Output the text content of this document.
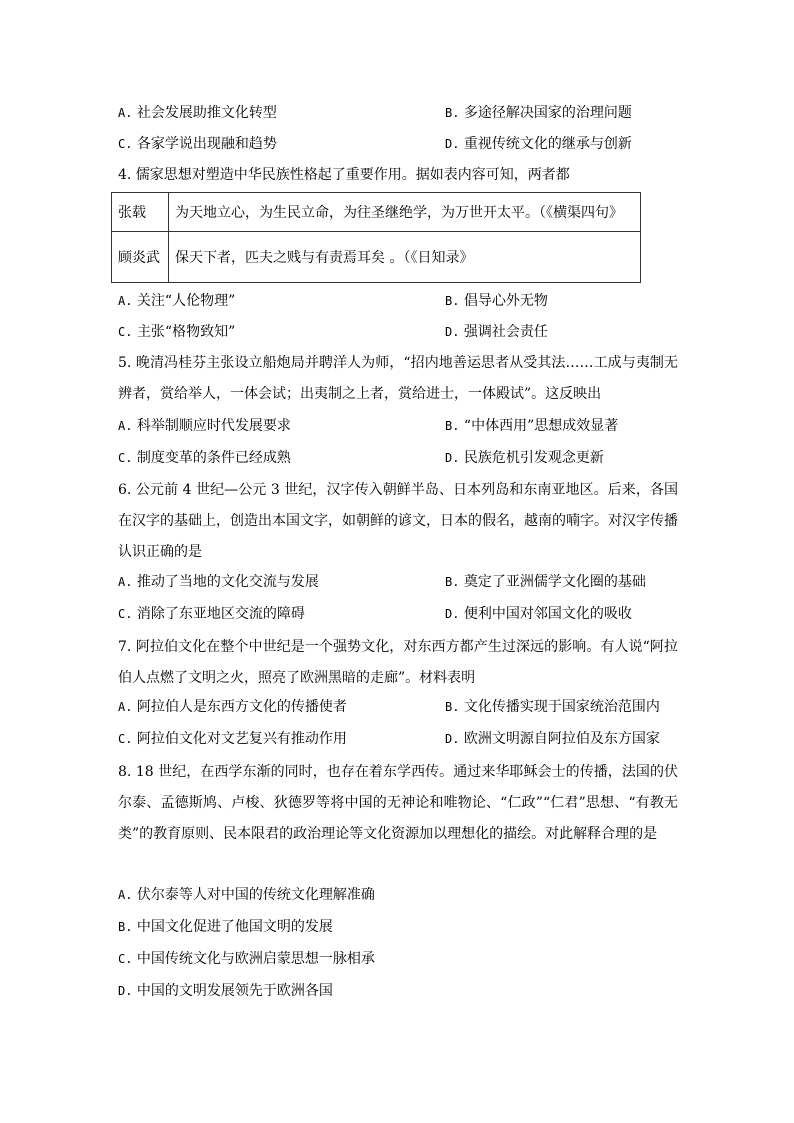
A. 社会发展助推文化转型	B. 多途径解决国家的治理问题
C. 各家学说出现融和趋势	D. 重视传统文化的继承与创新
4. 儒家思想对塑造中华民族性格起了重要作用。据如表内容可知，两者都
张载	为天地立心，为生民立命，为往圣继绝学，为万世开太平。（《横渠四句》
顾炎武	保天下者，匹夫之贱与有责焉耳矣 。（《日知录》
A. 关注“人伦物理”	B. 倡导心外无物
C. 主张“格物致知”	D. 强调社会责任
5. 晚清冯桂芬主张设立船炮局并聘洋人为师，“招内地善运思者从受其法……工成与夷制无辨者，赏给举人，一体会试；出夷制之上者，赏给进士，一体殿试”。这反映出
A. 科举制顺应时代发展要求	B. “中体西用”思想成效显著
C. 制度变革的条件已经成熟	D. 民族危机引发观念更新
6. 公元前 4 世纪—公元 3 世纪，汉字传入朝鲜半岛、日本列岛和东南亚地区。后来，各国在汉字的基础上，创造出本国文字，如朝鲜的谚文，日本的假名，越南的喃字。对汉字传播认识正确的是
A. 推动了当地的文化交流与发展	B. 奠定了亚洲儒学文化圈的基础
C. 消除了东亚地区交流的障碍	D. 便利中国对邻国文化的吸收
7. 阿拉伯文化在整个中世纪是一个强势文化，对东西方都产生过深远的影响。有人说“阿拉伯人点燃了文明之火，照亮了欧洲黑暗的走廊”。材料表明
A. 阿拉伯人是东西方文化的传播使者	B. 文化传播实现于国家统治范围内
C. 阿拉伯文化对文艺复兴有推动作用	D. 欧洲文明源自阿拉伯及东方国家
8. 18 世纪，在西学东渐的同时，也存在着东学西传。通过来华耶稣会士的传播，法国的伏尔泰、孟德斯鸠、卢梭、狄德罗等将中国的无神论和唯物论、“仁政”“仁君”思想、“有教无类”的教育原则、民本限君的政治理论等文化资源加以理想化的描绘。对此解释合理的是
A. 伏尔泰等人对中国的传统文化理解准确
B. 中国文化促进了他国文明的发展
C. 中国传统文化与欧洲启蒙思想一脉相承
D. 中国的文明发展领先于欧洲各国
